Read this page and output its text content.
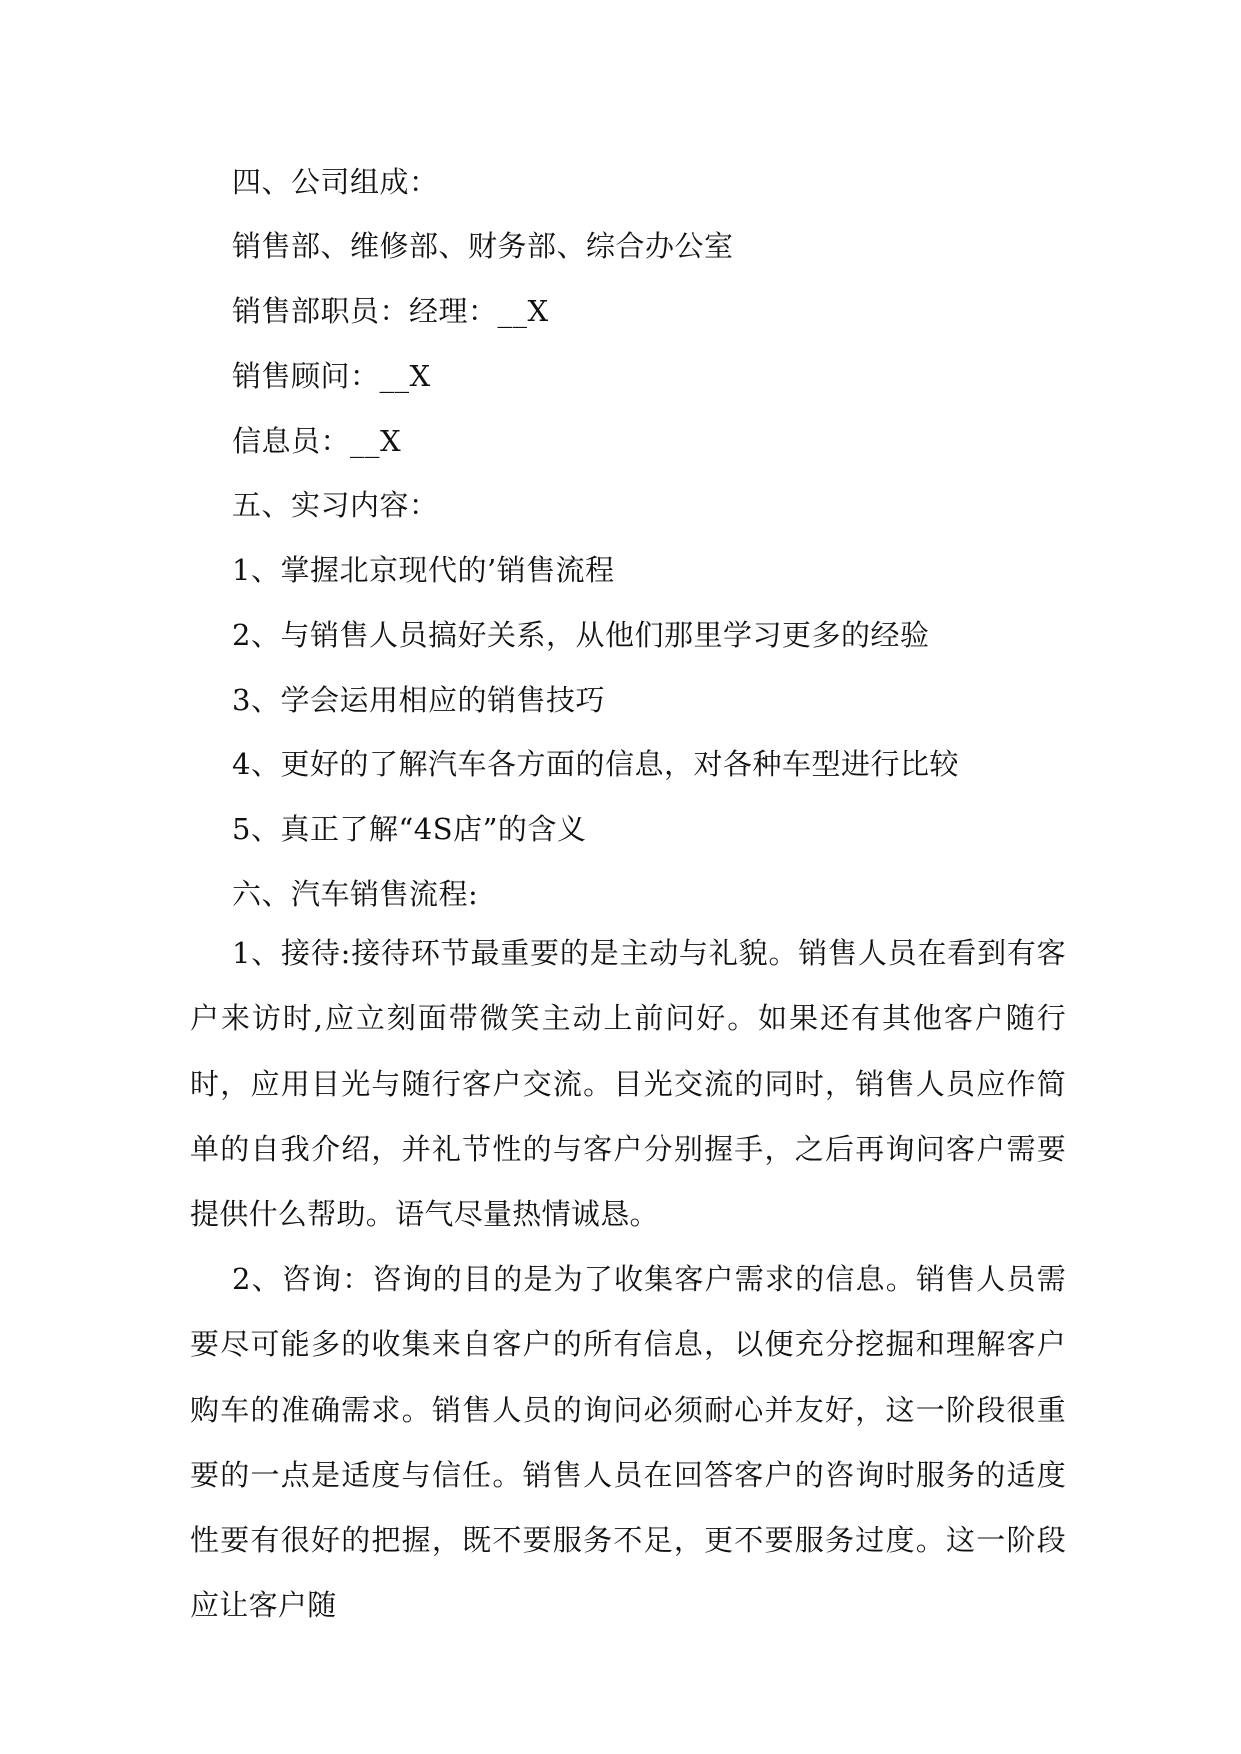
四、公司组成：
销售部、维修部、财务部、综合办公室
销售部职员：经理：__X
销售顾问：__X
信息员：__X
五、实习内容：
1、掌握北京现代的’销售流程
2、与销售人员搞好关系，从他们那里学习更多的经验
3、学会运用相应的销售技巧
4、更好的了解汽车各方面的信息，对各种车型进行比较
5、真正了解“4S店”的含义
六、汽车销售流程:
1、接待:接待环节最重要的是主动与礼貌。销售人员在看到有客户来访时,应立刻面带微笑主动上前问好。如果还有其他客户随行时，应用目光与随行客户交流。目光交流的同时，销售人员应作简单的自我介绍，并礼节性的与客户分别握手，之后再询问客户需要提供什么帮助。语气尽量热情诚恳。
2、咨询：咨询的目的是为了收集客户需求的信息。销售人员需要尽可能多的收集来自客户的所有信息，以便充分挖掘和理解客户购车的准确需求。销售人员的询问必须耐心并友好，这一阶段很重要的一点是适度与信任。销售人员在回答客户的咨询时服务的适度性要有很好的把握，既不要服务不足，更不要服务过度。这一阶段应让客户随
